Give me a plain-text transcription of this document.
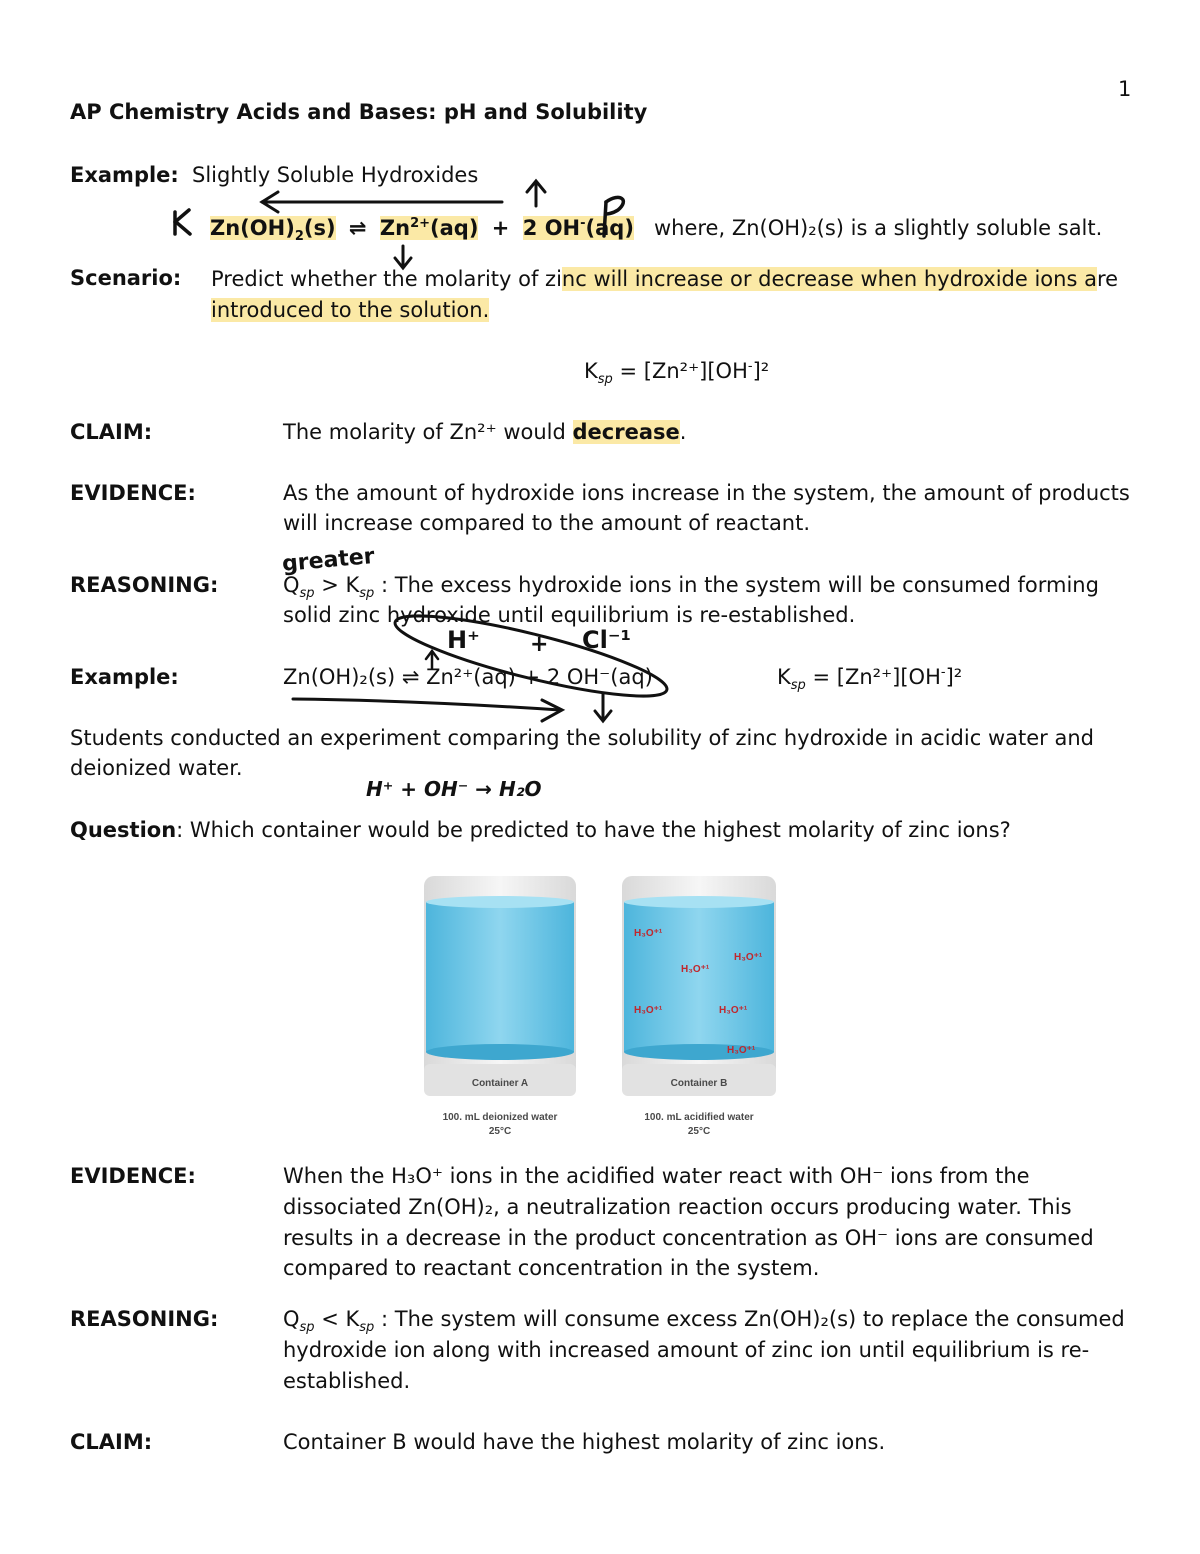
1
AP Chemistry Acids and Bases: pH and Solubility
Example: Slightly Soluble Hydroxides
$Zn(OH)_2(s)$ ⇌ $Zn^{2+}(aq) + 2$ OH-(aq) where, Zn(OH)₂(s) is a slightly soluble salt.
Scenario: Predict whether the molarity of zinc will increase or decrease when hydroxide ions are
introduced to the solution.
$K_{sp} = [Zn^{2+}][OH^-]^2$
CLAIM:	The molarity of Zn²⁺ would decrease.
EVIDENCE:	As the amount of hydroxide ions increase in the system, the amount of products
will increase compared to the amount of reactant.
REASONING:	$Q_{sp} > K_{sp}$ : The excess hydroxide ions in the system will be consumed forming
solid zinc hydroxide until equilibrium is re-established.
Example:	Zn(OH)₂(s) ⇌ Zn²⁺(aq) + 2 OH⁻(aq)	$K_{sp} = [Zn^{2+}][OH^-]^2$
Students conducted an experiment comparing the solubility of zinc hydroxide in acidic water and
deionized water.
Question: Which container would be predicted to have the highest molarity of zinc ions?
greater
H⁺ + Cl⁻¹
H⁺ + OH⁻ → H₂O
Container A	Container B
H₃O⁺¹
H₃O⁺¹
H₃O⁺¹
H₃O⁺¹	H₃O⁺¹
H₃O⁺¹
100. mL deionized water
25°C
100. mL acidified water
25°C
EVIDENCE:	When the H₃O⁺ ions in the acidified water react with OH⁻ ions from the
dissociated Zn(OH)₂, a neutralization reaction occurs producing water. This
results in a decrease in the product concentration as OH⁻ ions are consumed
compared to reactant concentration in the system.
REASONING:	$Q_{sp} < K_{sp}$ : The system will consume excess Zn(OH)₂(s) to replace the consumed
hydroxide ion along with increased amount of zinc ion until equilibrium is re-
established.
CLAIM:	Container B would have the highest molarity of zinc ions.
